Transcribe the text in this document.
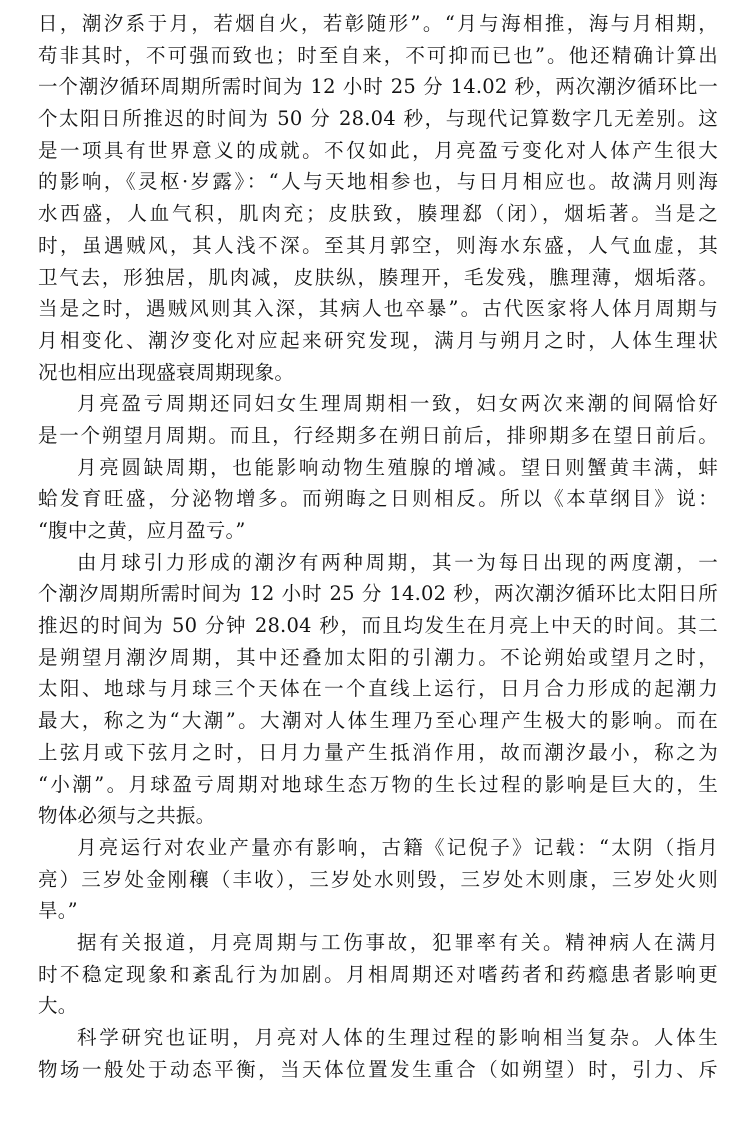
日，潮汐系于月，若烟自火，若彰随形”。“月与海相推，海与月相期，
苟非其时，不可强而致也；时至自来，不可抑而已也”。他还精确计算出
一个潮汐循环周期所需时间为 12 小时 25 分 14.02 秒，两次潮汐循环比一
个太阳日所推迟的时间为 50 分 28.04 秒，与现代记算数字几无差别。这
是一项具有世界意义的成就。不仅如此，月亮盈亏变化对人体产生很大
的影响，《灵枢·岁露》：“人与天地相参也，与日月相应也。故满月则海
水西盛，人血气积，肌肉充；皮肤致，腠理郄（闭），烟垢著。当是之
时，虽遇贼风，其人浅不深。至其月郭空，则海水东盛，人气血虚，其
卫气去，形独居，肌肉减，皮肤纵，腠理开，毛发残，膲理薄，烟垢落。
当是之时，遇贼风则其入深，其病人也卒暴”。古代医家将人体月周期与
月相变化、潮汐变化对应起来研究发现，满月与朔月之时，人体生理状
况也相应出现盛衰周期现象。
月亮盈亏周期还同妇女生理周期相一致，妇女两次来潮的间隔恰好
是一个朔望月周期。而且，行经期多在朔日前后，排卵期多在望日前后。
月亮圆缺周期，也能影响动物生殖腺的增减。望日则蟹黄丰满，蚌
蛤发育旺盛，分泌物增多。而朔晦之日则相反。所以《本草纲目》说：
“腹中之黄，应月盈亏。”
由月球引力形成的潮汐有两种周期，其一为每日出现的两度潮，一
个潮汐周期所需时间为 12 小时 25 分 14.02 秒，两次潮汐循环比太阳日所
推迟的时间为 50 分钟 28.04 秒，而且均发生在月亮上中天的时间。其二
是朔望月潮汐周期，其中还叠加太阳的引潮力。不论朔始或望月之时，
太阳、地球与月球三个天体在一个直线上运行，日月合力形成的起潮力
最大，称之为“大潮”。大潮对人体生理乃至心理产生极大的影响。而在
上弦月或下弦月之时，日月力量产生抵消作用，故而潮汐最小，称之为
“小潮”。月球盈亏周期对地球生态万物的生长过程的影响是巨大的，生
物体必须与之共振。
月亮运行对农业产量亦有影响，古籍《记倪子》记载：“太阴（指月
亮）三岁处金刚穰（丰收），三岁处水则毁，三岁处木则康，三岁处火则
旱。”
据有关报道，月亮周期与工伤事故，犯罪率有关。精神病人在满月
时不稳定现象和紊乱行为加剧。月相周期还对嗜药者和药瘾患者影响更
大。
科学研究也证明，月亮对人体的生理过程的影响相当复杂。人体生
物场一般处于动态平衡，当天体位置发生重合（如朔望）时，引力、斥
